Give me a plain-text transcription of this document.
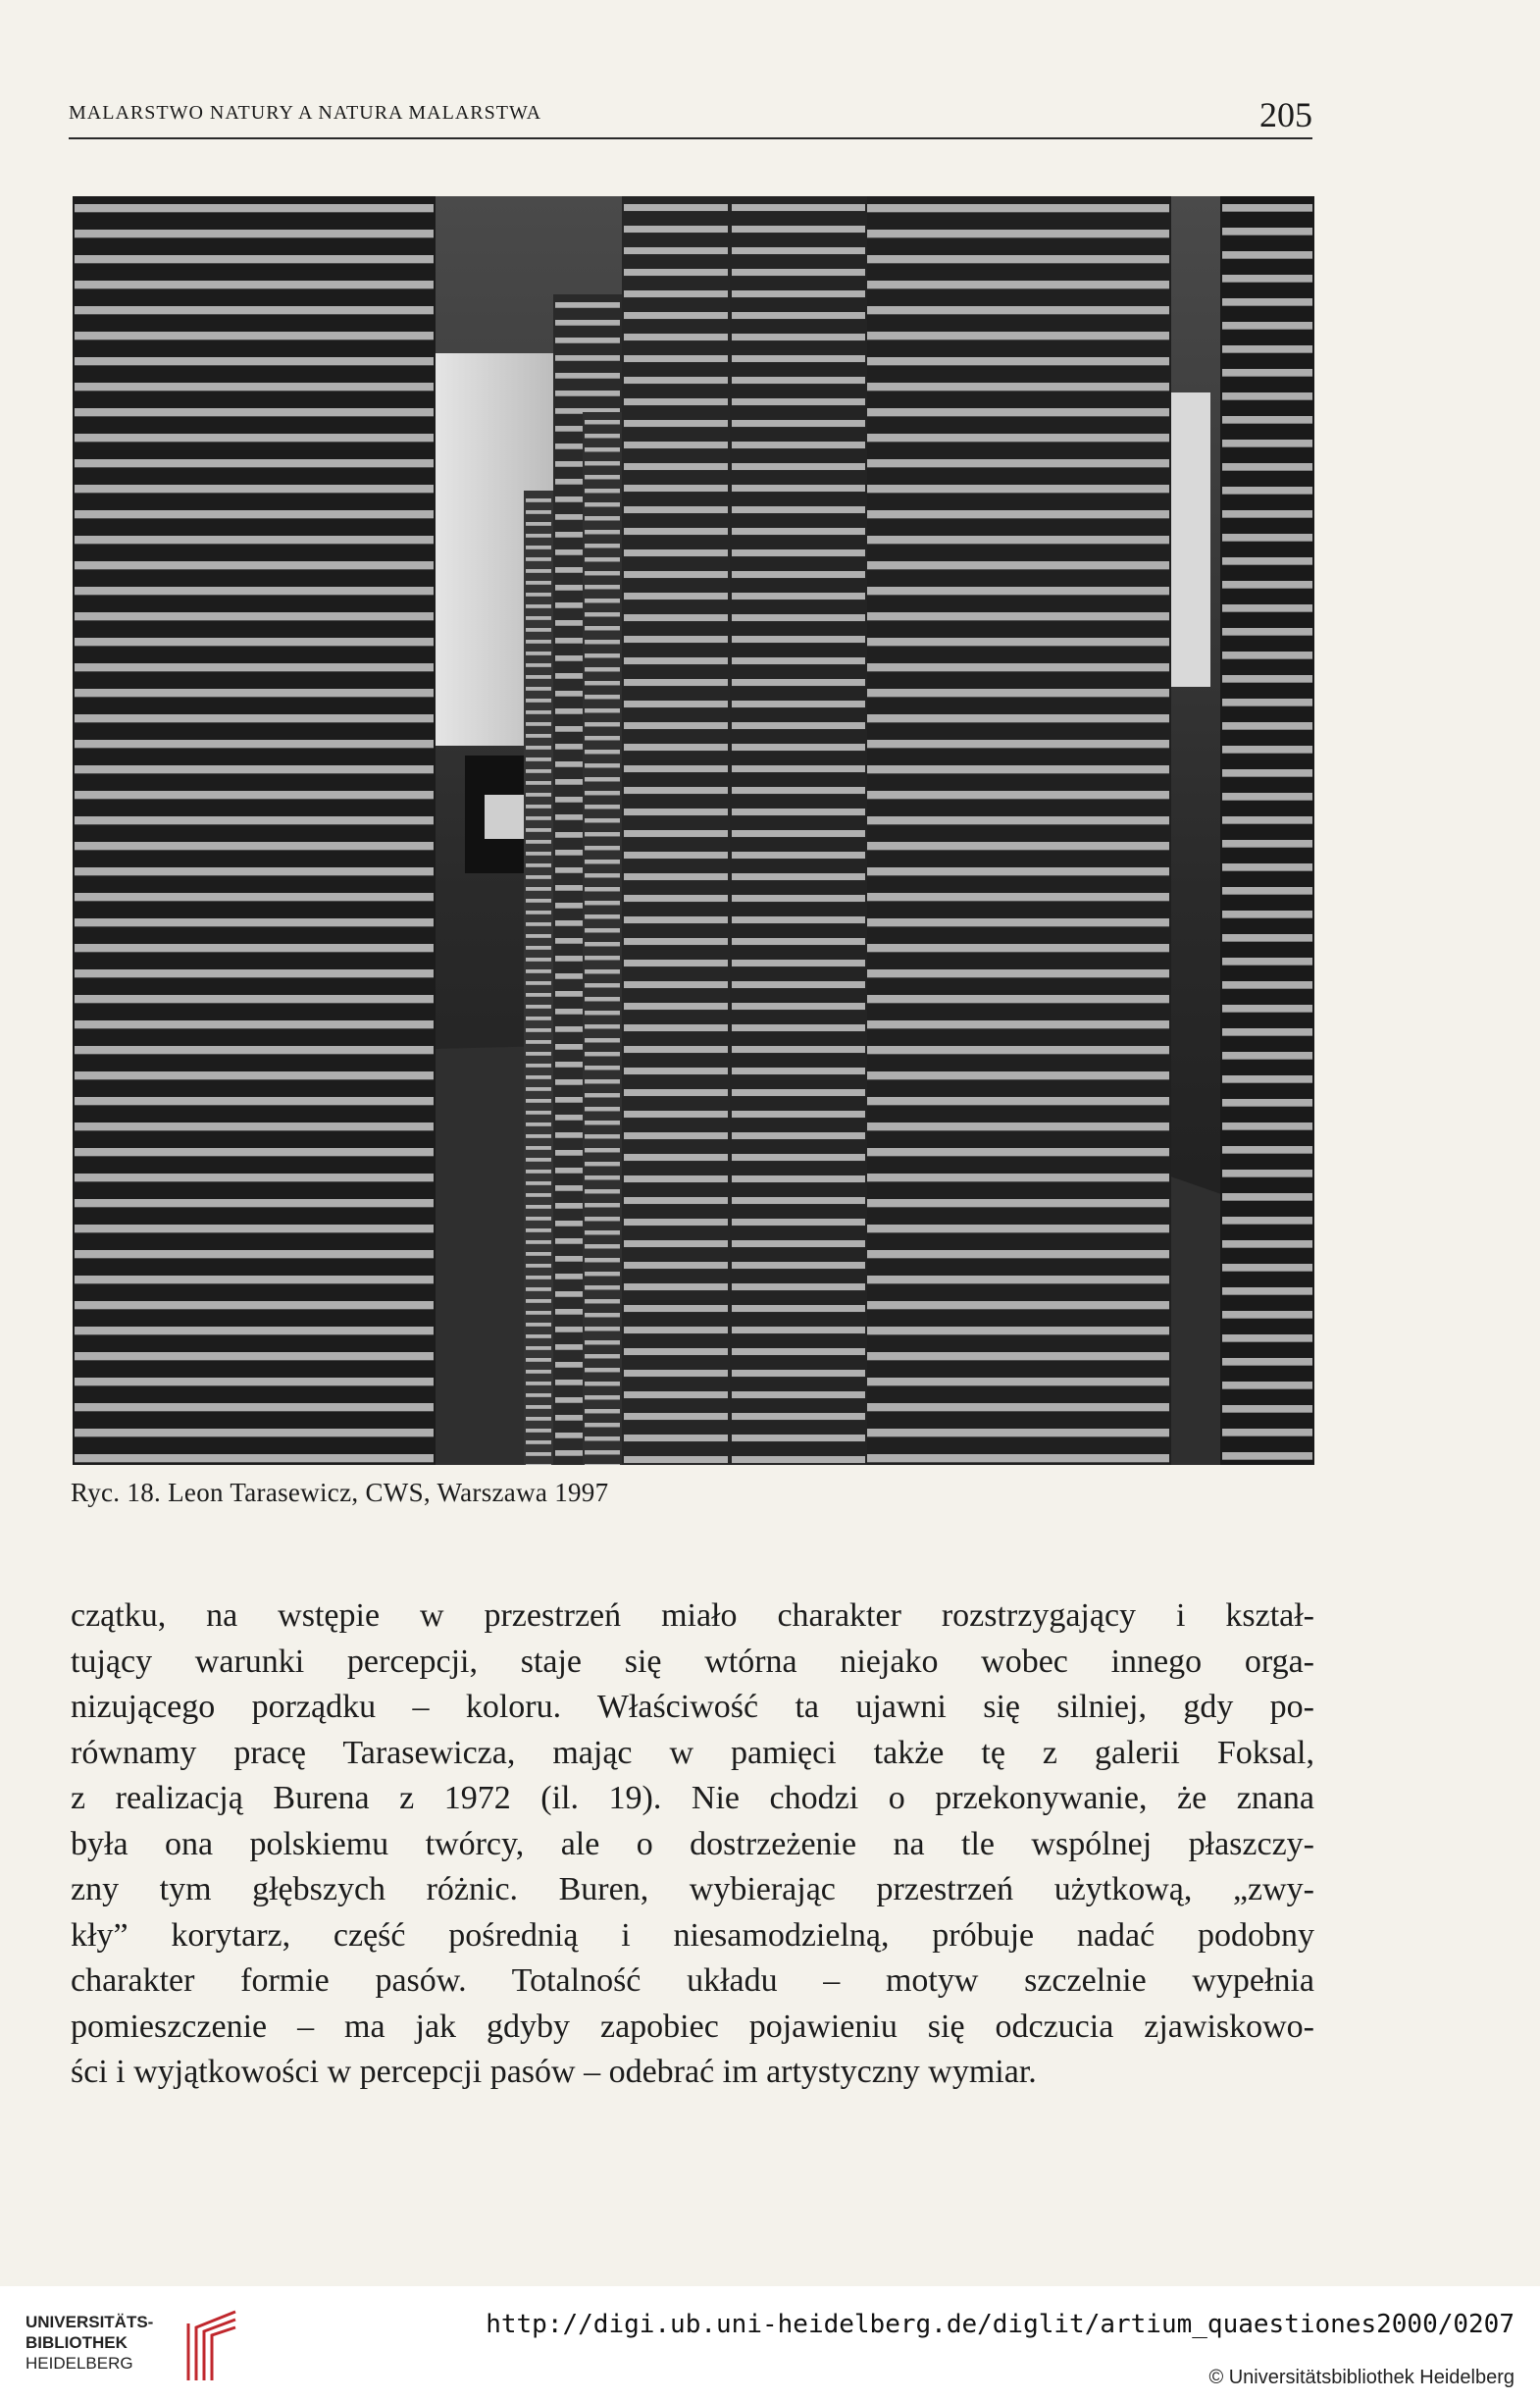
MALARSTWO NATURY A NATURA MALARSTWA	205
Ryc. 18. Leon Tarasewicz, CWS, Warszawa 1997
czątku, na wstępie w przestrzeń miało charakter rozstrzygający i kształ-
tujący warunki percepcji, staje się wtórna niejako wobec innego orga-
nizującego porządku – koloru. Właściwość ta ujawni się silniej, gdy po-
równamy pracę Tarasewicza, mając w pamięci także tę z galerii Foksal,
z realizacją Burena z 1972 (il. 19). Nie chodzi o przekonywanie, że znana
była ona polskiemu twórcy, ale o dostrzeżenie na tle wspólnej płaszczy-
zny tym głębszych różnic. Buren, wybierając przestrzeń użytkową, „zwy-
kły” korytarz, część pośrednią i niesamodzielną, próbuje nadać podobny
charakter formie pasów. Totalność układu – motyw szczelnie wypełnia
pomieszczenie – ma jak gdyby zapobiec pojawieniu się odczucia zjawiskowo-
ści i wyjątkowości w percepcji pasów – odebrać im artystyczny wymiar.
UNIVERSITÄTS-
BIBLIOTHEK
HEIDELBERG
http://digi.ub.uni-heidelberg.de/diglit/artium_quaestiones2000/0207
© Universitätsbibliothek Heidelberg
